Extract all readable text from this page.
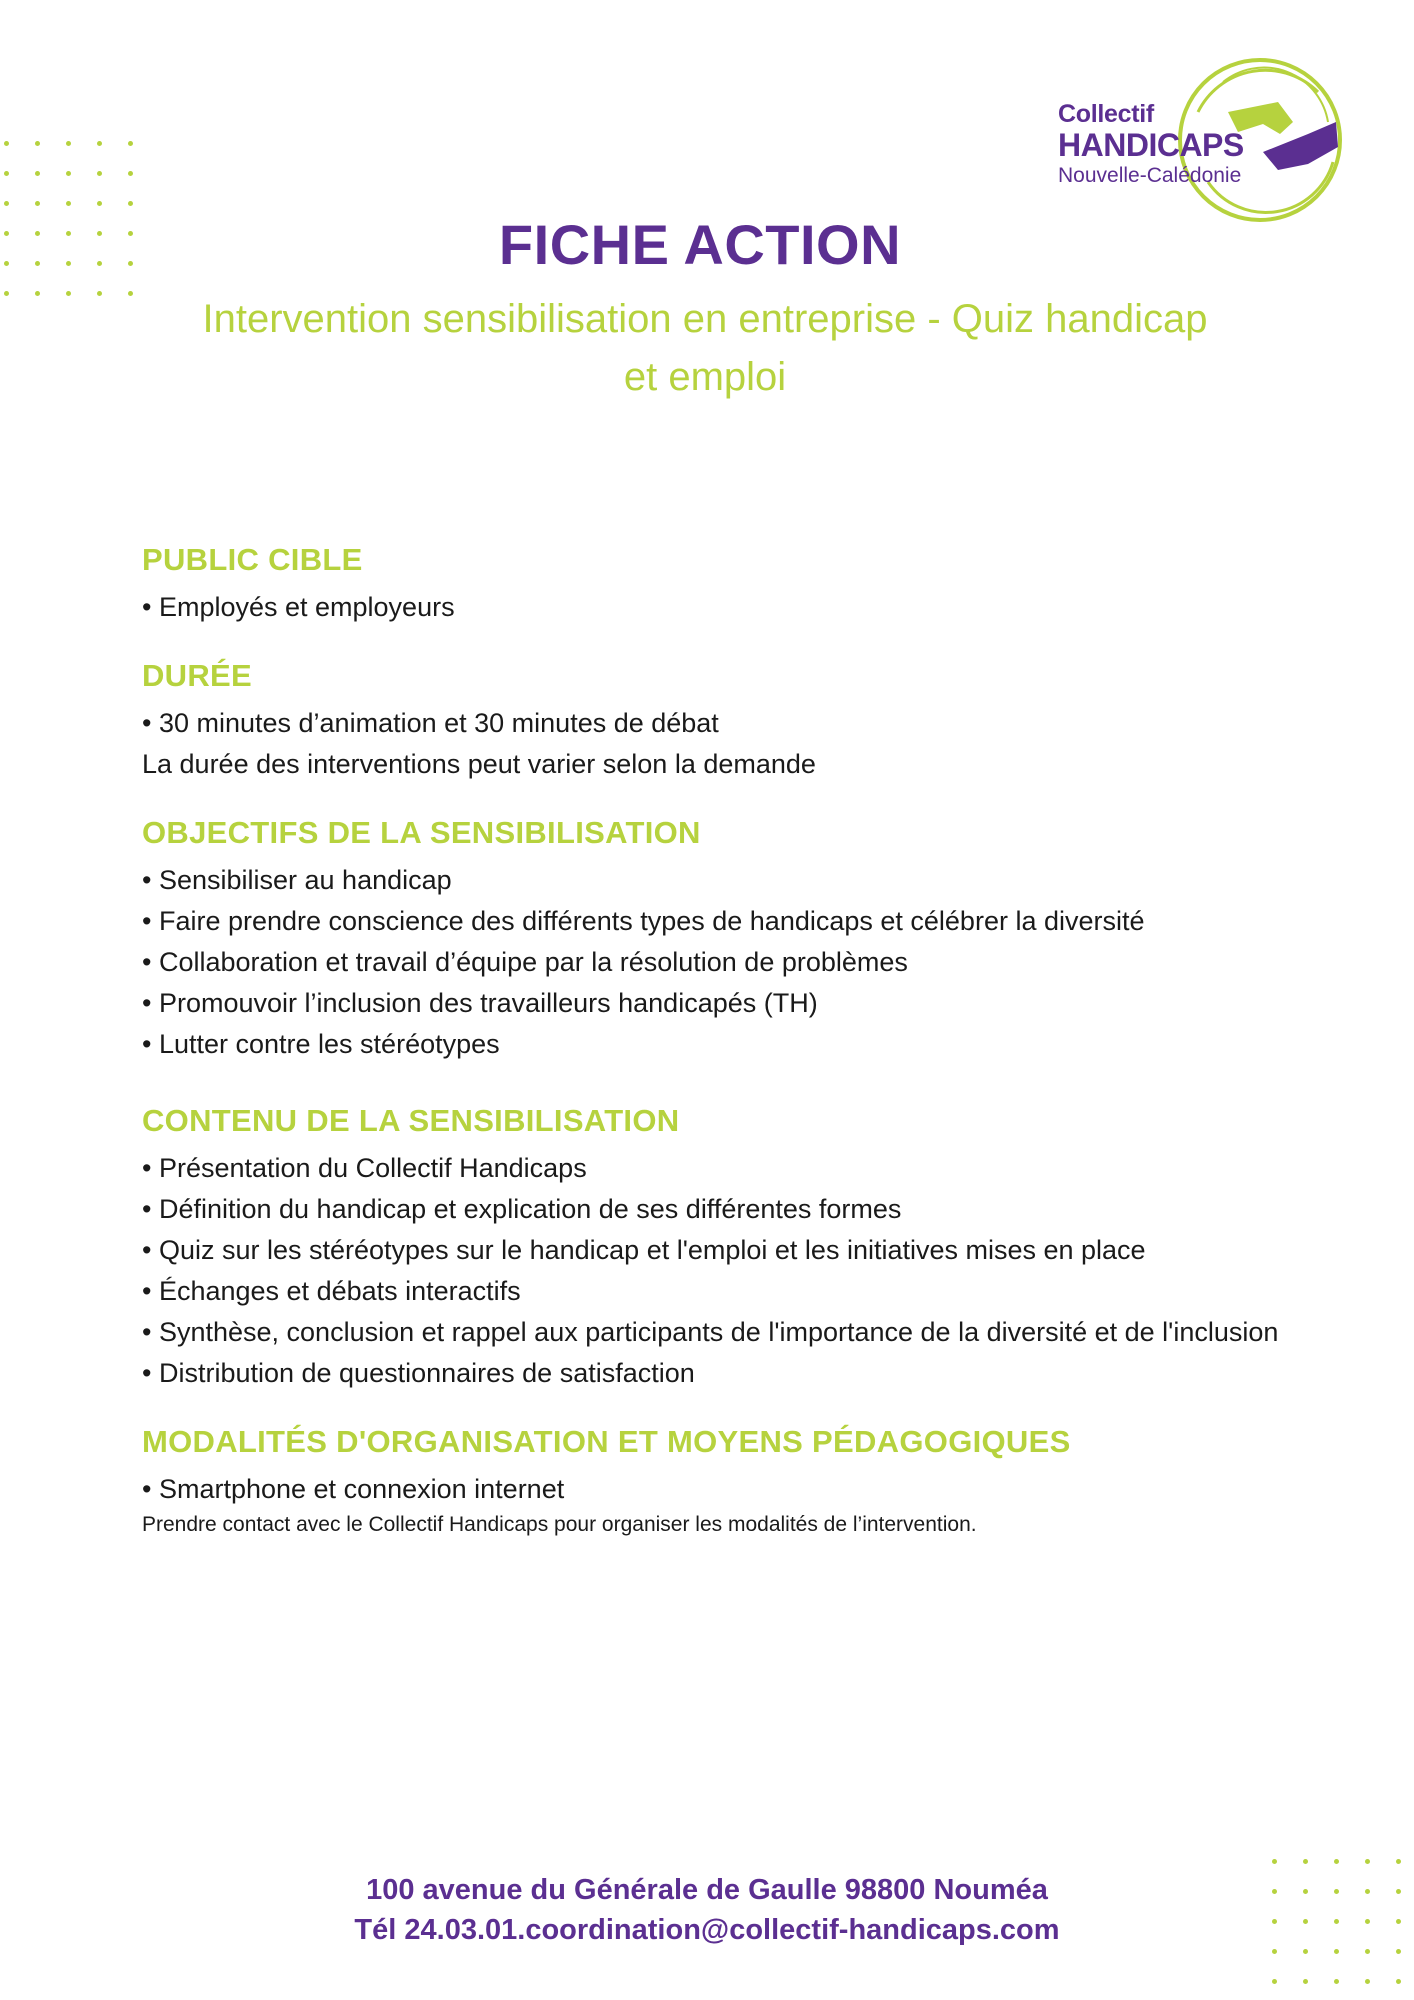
Collectif
HANDICAPS
Nouvelle-Calédonie
FICHE ACTION

Intervention sensibilisation en entreprise - Quiz handicap et emploi

PUBLIC CIBLE

• Employés et employeurs

DURÉE

• 30 minutes d’animation et 30 minutes de débat

La durée des interventions peut varier selon la demande

OBJECTIFS DE LA SENSIBILISATION

• Sensibiliser au handicap

• Faire prendre conscience des différents types de handicaps et célébrer la diversité

• Collaboration et travail d’équipe par la résolution de problèmes

• Promouvoir l’inclusion des travailleurs handicapés (TH)

• Lutter contre les stéréotypes

CONTENU DE LA SENSIBILISATION

• Présentation du Collectif Handicaps

• Définition du handicap et explication de ses différentes formes

• Quiz sur les stéréotypes sur le handicap et l'emploi et les initiatives mises en place

• Échanges et débats interactifs

• Synthèse, conclusion et rappel aux participants de l'importance de la diversité et de l'inclusion

• Distribution de questionnaires de satisfaction

MODALITÉS D'ORGANISATION ET MOYENS PÉDAGOGIQUES

• Smartphone et connexion internet

Prendre contact avec le Collectif Handicaps pour organiser les modalités de l’intervention.

100 avenue du Générale de Gaulle 98800 Nouméa

Tél 24.03.01.coordination@collectif-handicaps.com
